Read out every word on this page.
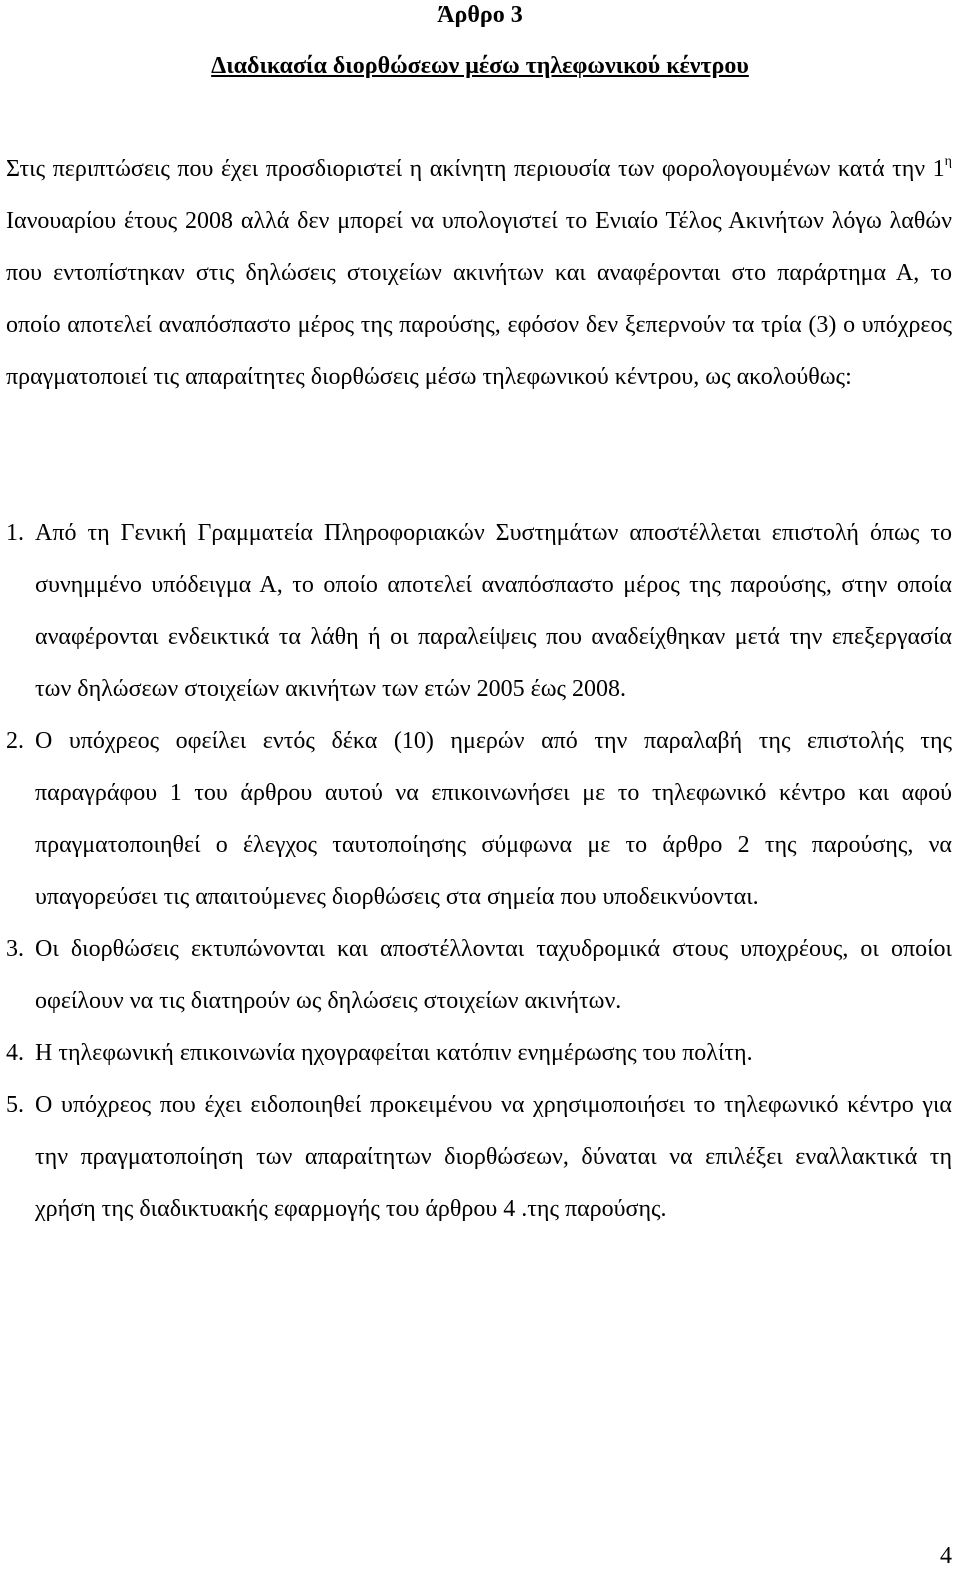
Άρθρο 3
Διαδικασία διορθώσεων μέσω τηλεφωνικού κέντρου

Στις περιπτώσεις που έχει προσδιοριστεί η ακίνητη περιουσία των φορολογουμένων κατά την $1^\eta$ Ιανουαρίου έτους 2008 αλλά δεν μπορεί να υπολογιστεί το Ενιαίο Τέλος Ακινήτων λόγω λαθών που εντοπίστηκαν στις δηλώσεις στοιχείων ακινήτων και αναφέρονται στο παράρτημα Α, το οποίο αποτελεί αναπόσπαστο μέρος της παρούσης, εφόσον δεν ξεπερνούν τα τρία (3) ο υπόχρεος πραγματοποιεί τις απαραίτητες διορθώσεις μέσω τηλεφωνικού κέντρου, ως ακολούθως:

1. Από τη Γενική Γραμματεία Πληροφοριακών Συστημάτων αποστέλλεται επιστολή όπως το συνημμένο υπόδειγμα Α, το οποίο αποτελεί αναπόσπαστο μέρος της παρούσης, στην οποία αναφέρονται ενδεικτικά τα λάθη ή οι παραλείψεις που αναδείχθηκαν μετά την επεξεργασία των δηλώσεων στοιχείων ακινήτων των ετών 2005 έως 2008.
2. Ο υπόχρεος οφείλει εντός δέκα (10) ημερών από την παραλαβή της επιστολής της παραγράφου 1 του άρθρου αυτού να επικοινωνήσει με το τηλεφωνικό κέντρο και αφού πραγματοποιηθεί ο έλεγχος ταυτοποίησης σύμφωνα με το άρθρο 2 της παρούσης, να υπαγορεύσει τις απαιτούμενες διορθώσεις στα σημεία που υποδεικνύονται.
3. Οι διορθώσεις εκτυπώνονται και αποστέλλονται ταχυδρομικά στους υποχρέους, οι οποίοι οφείλουν να τις διατηρούν ως δηλώσεις στοιχείων ακινήτων.
4. Η τηλεφωνική επικοινωνία ηχογραφείται κατόπιν ενημέρωσης του πολίτη.
5. Ο υπόχρεος που έχει ειδοποιηθεί προκειμένου να χρησιμοποιήσει το τηλεφωνικό κέντρο για την πραγματοποίηση των απαραίτητων διορθώσεων, δύναται να επιλέξει εναλλακτικά τη χρήση της διαδικτυακής εφαρμογής του άρθρου 4 .της παρούσης.
4
